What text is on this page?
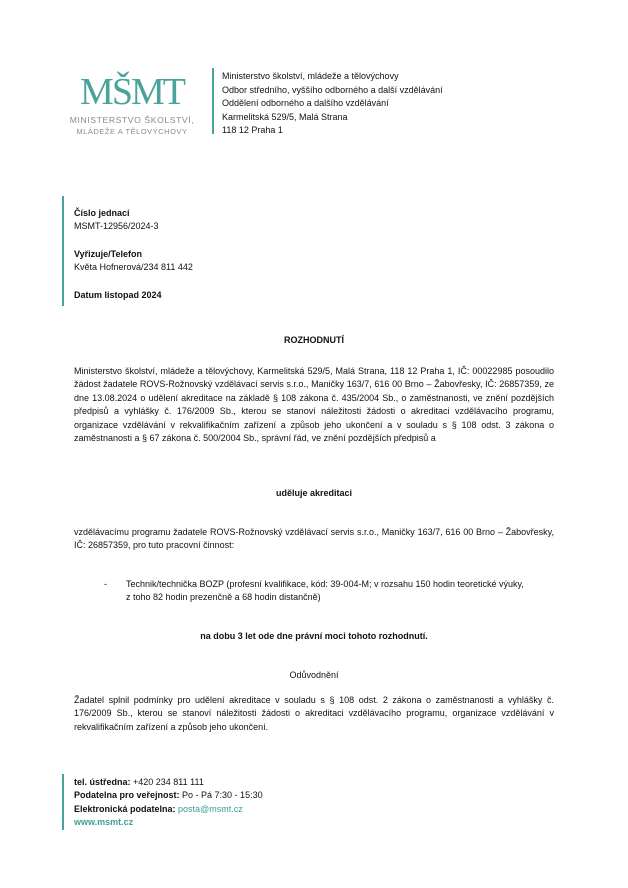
MŠMT
MINISTERSTVO ŠKOLSTVÍ,
MLÁDEŽE A TĚLOVÝCHOVY
Ministerstvo školství, mládeže a tělovýchovy
Odbor středního, vyššího odborného a další vzdělávání
Oddělení odborného a dalšího vzdělávání
Karmelitská 529/5, Malá Strana
118 12 Praha 1
Číslo jednací
MSMT-12956/2024-3
Vyřizuje/Telefon
Květa Hofnerová/234 811 442
Datum listopad 2024
ROZHODNUTÍ
Ministerstvo školství, mládeže a tělovýchovy, Karmelitská 529/5, Malá Strana, 118 12 Praha 1, IČ: 00022985 posoudilo žádost žadatele ROVS-Rožnovský vzdělávací servis s.r.o., Maničky 163/7, 616 00 Brno – Žabovřesky, IČ: 26857359, ze dne 13.08.2024 o udělení akreditace na základě § 108 zákona č. 435/2004 Sb., o zaměstnanosti, ve znění pozdějších předpisů a vyhlášky č. 176/2009 Sb., kterou se stanoví náležitosti žádosti o akreditaci vzdělávacího programu, organizace vzdělávání v rekvalifikačním zařízení a způsob jeho ukončení a v souladu s § 108 odst. 3 zákona o zaměstnanosti a § 67 zákona č. 500/2004 Sb., správní řád, ve znění pozdějších předpisů a
uděluje akreditaci
vzdělávacímu programu žadatele ROVS-Rožnovský vzdělávací servis s.r.o., Maničky 163/7, 616 00 Brno – Žabovřesky, IČ: 26857359, pro tuto pracovní činnost:
- Technik/technička BOZP (profesní kvalifikace, kód: 39-004-M; v rozsahu 150 hodin teoretické výuky,
z toho 82 hodin prezenčně a 68 hodin distančně)
na dobu 3 let ode dne právní moci tohoto rozhodnutí.
Odůvodnění
Žadatel splnil podmínky pro udělení akreditace v souladu s § 108 odst. 2 zákona o zaměstnanosti a vyhlášky č. 176/2009 Sb., kterou se stanoví náležitosti žádosti o akreditaci vzdělávacího programu, organizace vzdělávání v rekvalifikačním zařízení a způsob jeho ukončení.
tel. ústředna: +420 234 811 111
Podatelna pro veřejnost: Po - Pá 7:30 - 15:30
Elektronická podatelna: posta@msmt.cz
www.msmt.cz
